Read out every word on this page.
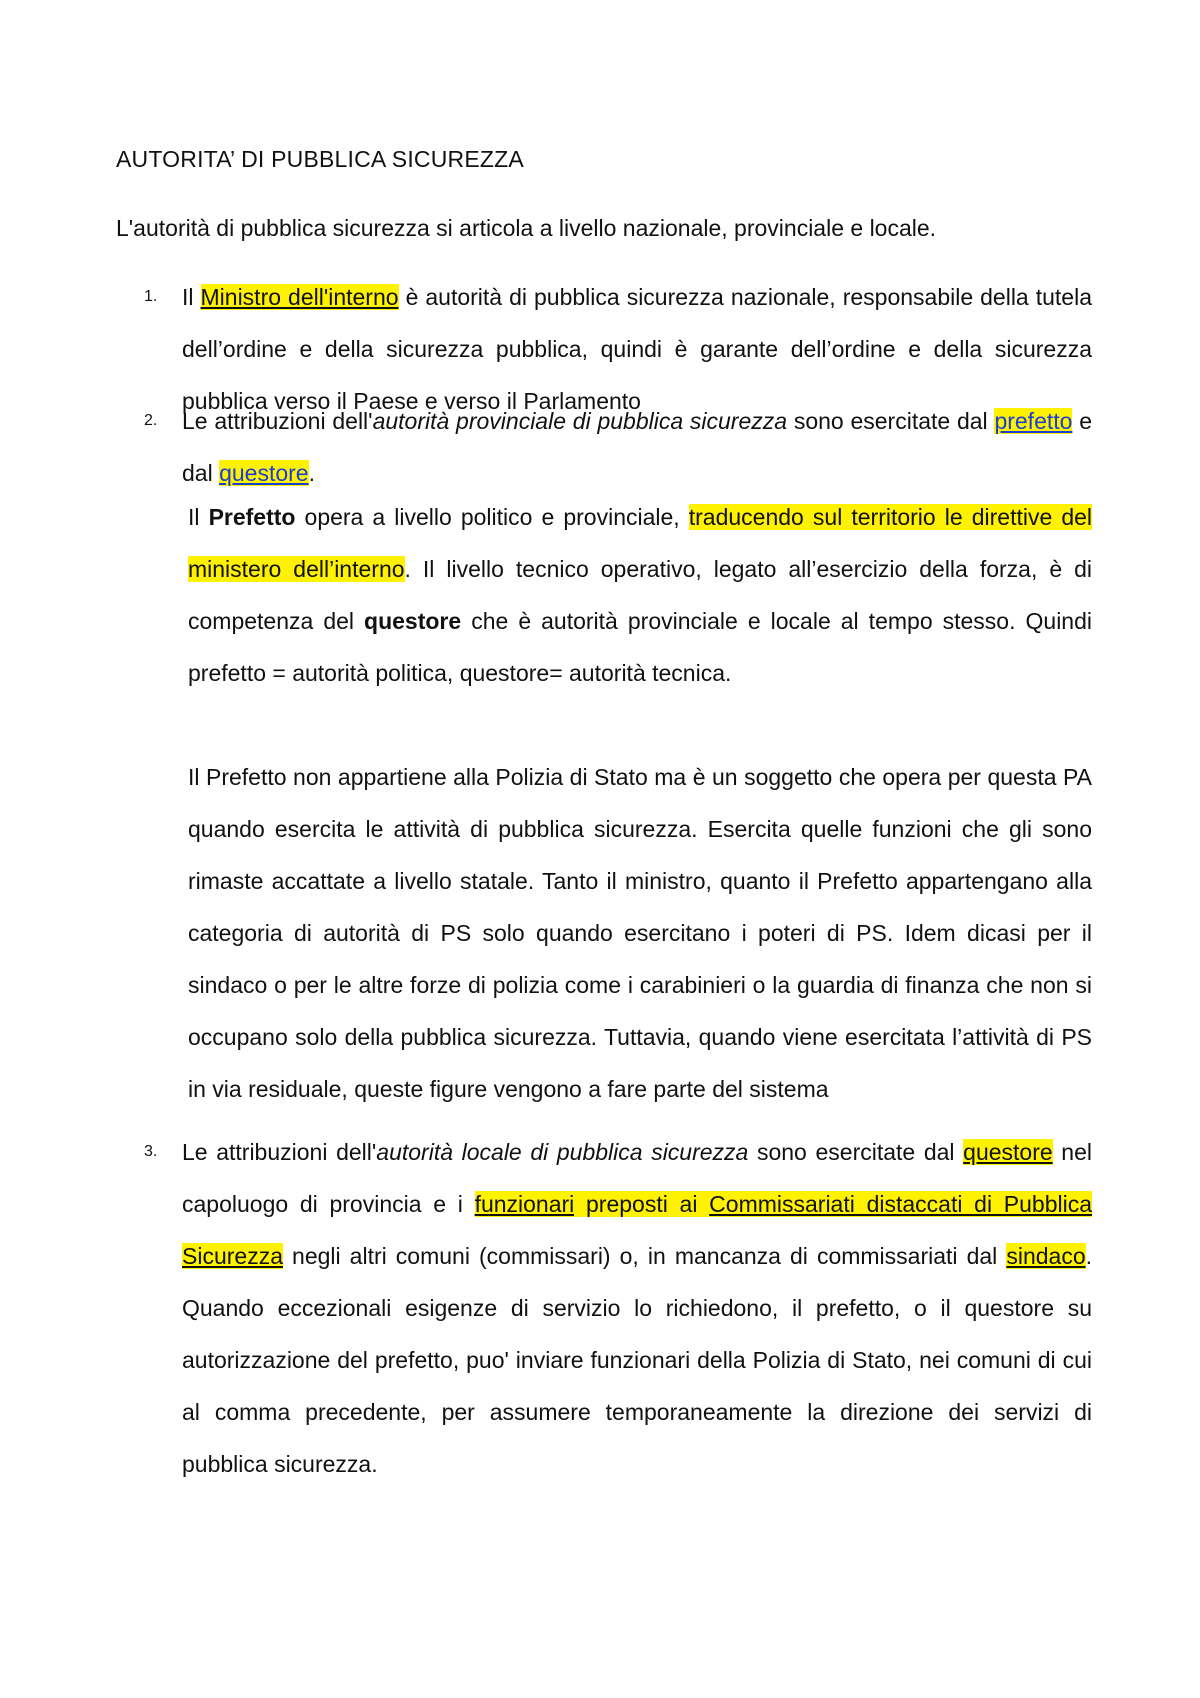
AUTORITA’ DI PUBBLICA SICUREZZA
L'autorità di pubblica sicurezza si articola a livello nazionale, provinciale e locale.
1. Il Ministro dell'interno è autorità di pubblica sicurezza nazionale, responsabile della tutela dell’ordine e della sicurezza pubblica, quindi è garante dell’ordine e della sicurezza pubblica verso il Paese e verso il Parlamento
2. Le attribuzioni dell'autorità provinciale di pubblica sicurezza sono esercitate dal prefetto e dal questore.
Il Prefetto opera a livello politico e provinciale, traducendo sul territorio le direttive del ministero dell’interno. Il livello tecnico operativo, legato all’esercizio della forza, è di competenza del questore che è autorità provinciale e locale al tempo stesso. Quindi prefetto = autorità politica, questore= autorità tecnica.
Il Prefetto non appartiene alla Polizia di Stato ma è un soggetto che opera per questa PA quando esercita le attività di pubblica sicurezza. Esercita quelle funzioni che gli sono rimaste accattate a livello statale. Tanto il ministro, quanto il Prefetto appartengano alla categoria di autorità di PS solo quando esercitano i poteri di PS. Idem dicasi per il sindaco o per le altre forze di polizia come i carabinieri o la guardia di finanza che non si occupano solo della pubblica sicurezza. Tuttavia, quando viene esercitata l’attività di PS in via residuale, queste figure vengono a fare parte del sistema
3. Le attribuzioni dell'autorità locale di pubblica sicurezza sono esercitate dal questore nel capoluogo di provincia e i funzionari preposti ai Commissariati distaccati di Pubblica Sicurezza negli altri comuni (commissari) o, in mancanza di commissariati dal sindaco. Quando eccezionali esigenze di servizio lo richiedono, il prefetto, o il questore su autorizzazione del prefetto, puo' inviare funzionari della Polizia di Stato, nei comuni di cui al comma precedente, per assumere temporaneamente la direzione dei servizi di pubblica sicurezza.
